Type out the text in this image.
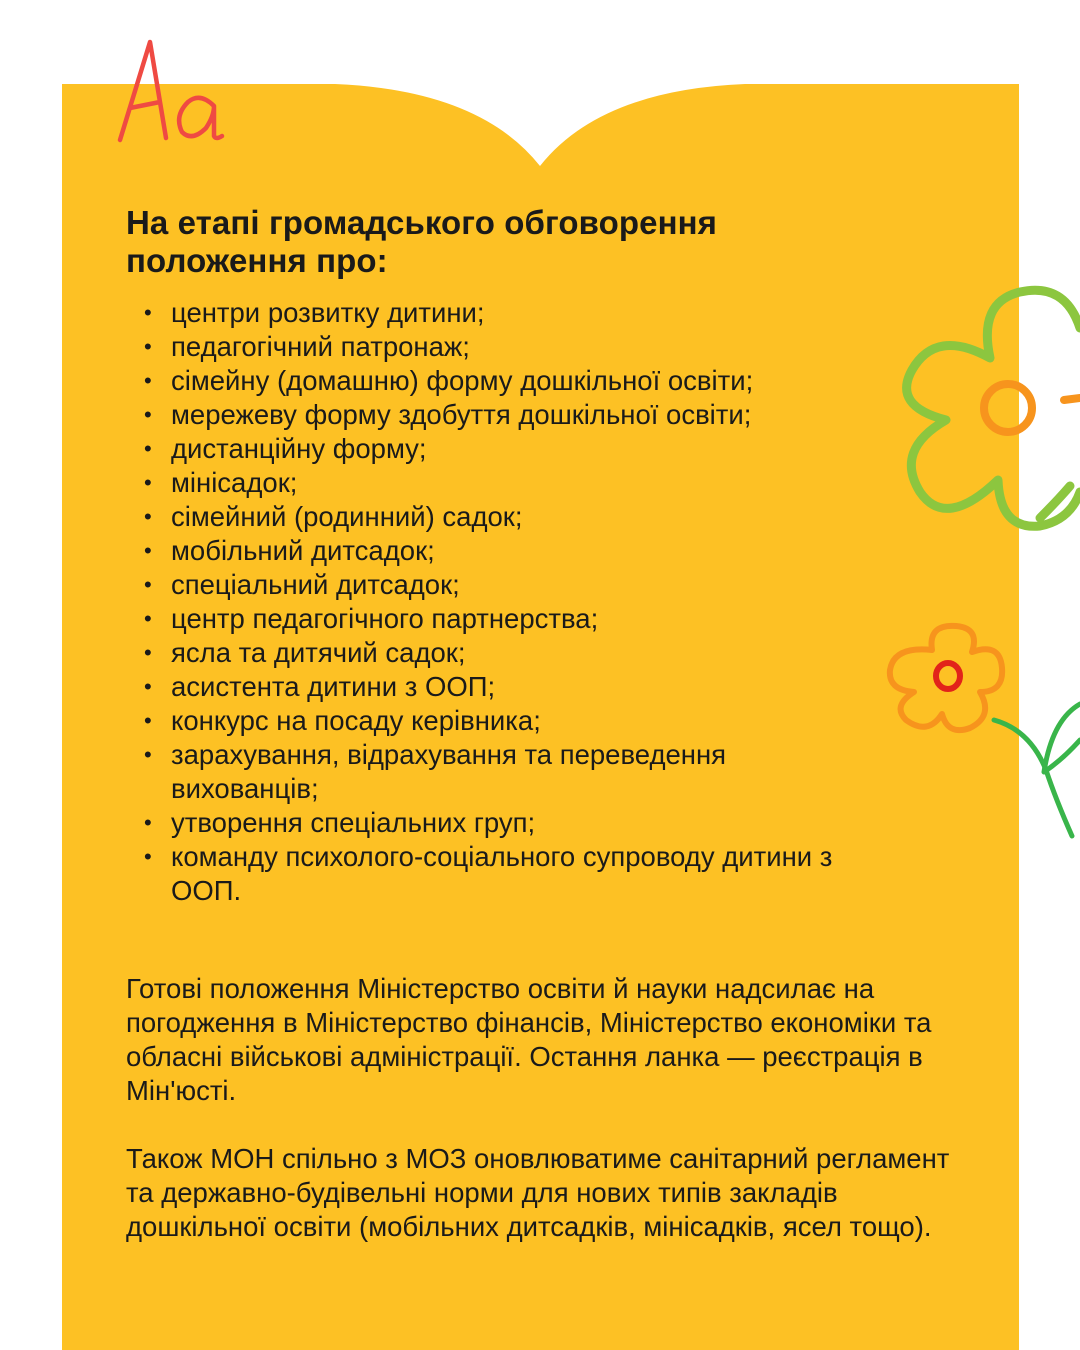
На етапі громадського обговорення
положення про:
• центри розвитку дитини;
• педагогічний патронаж;
• сімейну (домашню) форму дошкільної освіти;
• мережеву форму здобуття дошкільної освіти;
• дистанційну форму;
• мінісадок;
• сімейний (родинний) садок;
• мобільний дитсадок;
• спеціальний дитсадок;
• центр педагогічного партнерства;
• ясла та дитячий садок;
• асистента дитини з ООП;
• конкурс на посаду керівника;
• зарахування, відрахування та переведення вихованців;
• утворення спеціальних груп;
• команду психолого-соціального супроводу дитини з ООП.

Готові положення Міністерство освіти й науки надсилає на погодження в Міністерство фінансів, Міністерство економіки та обласні військові адміністрації. Остання ланка — реєстрація в Мін'юсті.

Також МОН спільно з МОЗ оновлюватиме санітарний регламент та державно-будівельні норми для нових типів закладів дошкільної освіти (мобільних дитсадків, мінісадків, ясел тощо).
